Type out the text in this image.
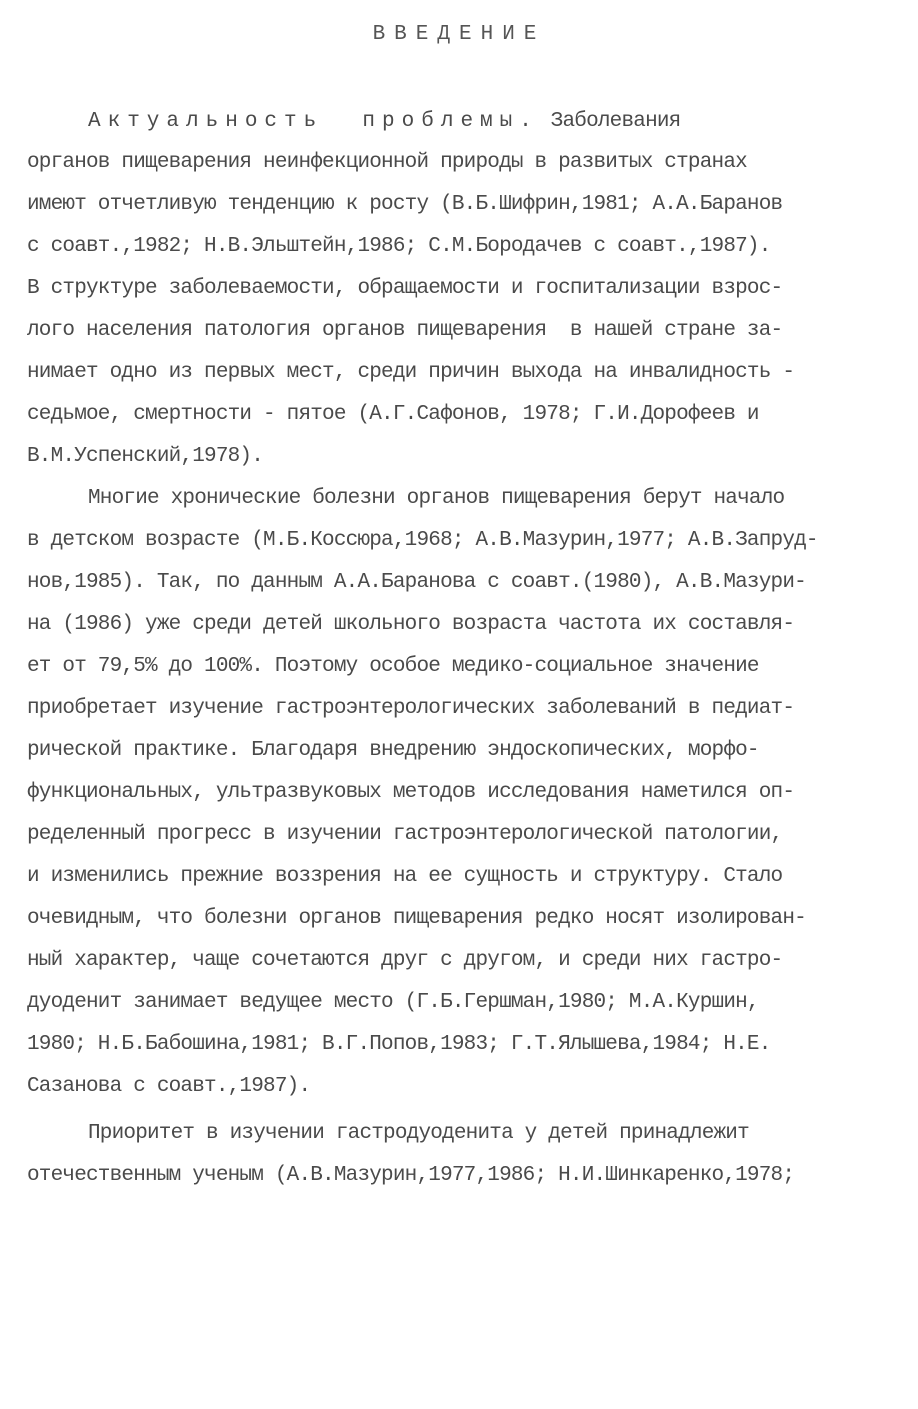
ВВЕДЕНИЕ
Актуальность  проблемы. Заболевания
органов пищеварения неинфекционной природы в развитых странах
имеют отчетливую тенденцию к росту (В.Б.Шифрин,1981; А.А.Баранов
с соавт.,1982; Н.В.Эльштейн,1986; С.М.Бородачев с соавт.,1987).
В структуре заболеваемости, обращаемости и госпитализации взрос-
лого населения патология органов пищеварения  в нашей стране за-
нимает одно из первых мест, среди причин выхода на инвалидность -
седьмое, смертности - пятое (А.Г.Сафонов, 1978; Г.И.Дорофеев и
В.М.Успенский,1978).
Многие хронические болезни органов пищеварения берут начало
в детском возрасте (М.Б.Коссюра,1968; А.В.Мазурин,1977; А.В.Запруд-
нов,1985). Так, по данным А.А.Баранова с соавт.(1980), А.В.Мазури-
на (1986) уже среди детей школьного возраста частота их составля-
ет от 79,5% до 100%. Поэтому особое медико-социальное значение
приобретает изучение гастроэнтерологических заболеваний в педиат-
рической практике. Благодаря внедрению эндоскопических, морфо-
функциональных, ультразвуковых методов исследования наметился оп-
ределенный прогресс в изучении гастроэнтерологической патологии,
и изменились прежние воззрения на ее сущность и структуру. Стало
очевидным, что болезни органов пищеварения редко носят изолирован-
ный характер, чаще сочетаются друг с другом, и среди них гастро-
дуоденит занимает ведущее место (Г.Б.Гершман,1980; М.А.Куршин,
1980; Н.Б.Бабошина,1981; В.Г.Попов,1983; Г.Т.Ялышева,1984; Н.Е.
Сазанова с соавт.,1987).
Приоритет в изучении гастродуоденита у детей принадлежит
отечественным ученым (А.В.Мазурин,1977,1986; Н.И.Шинкаренко,1978;
